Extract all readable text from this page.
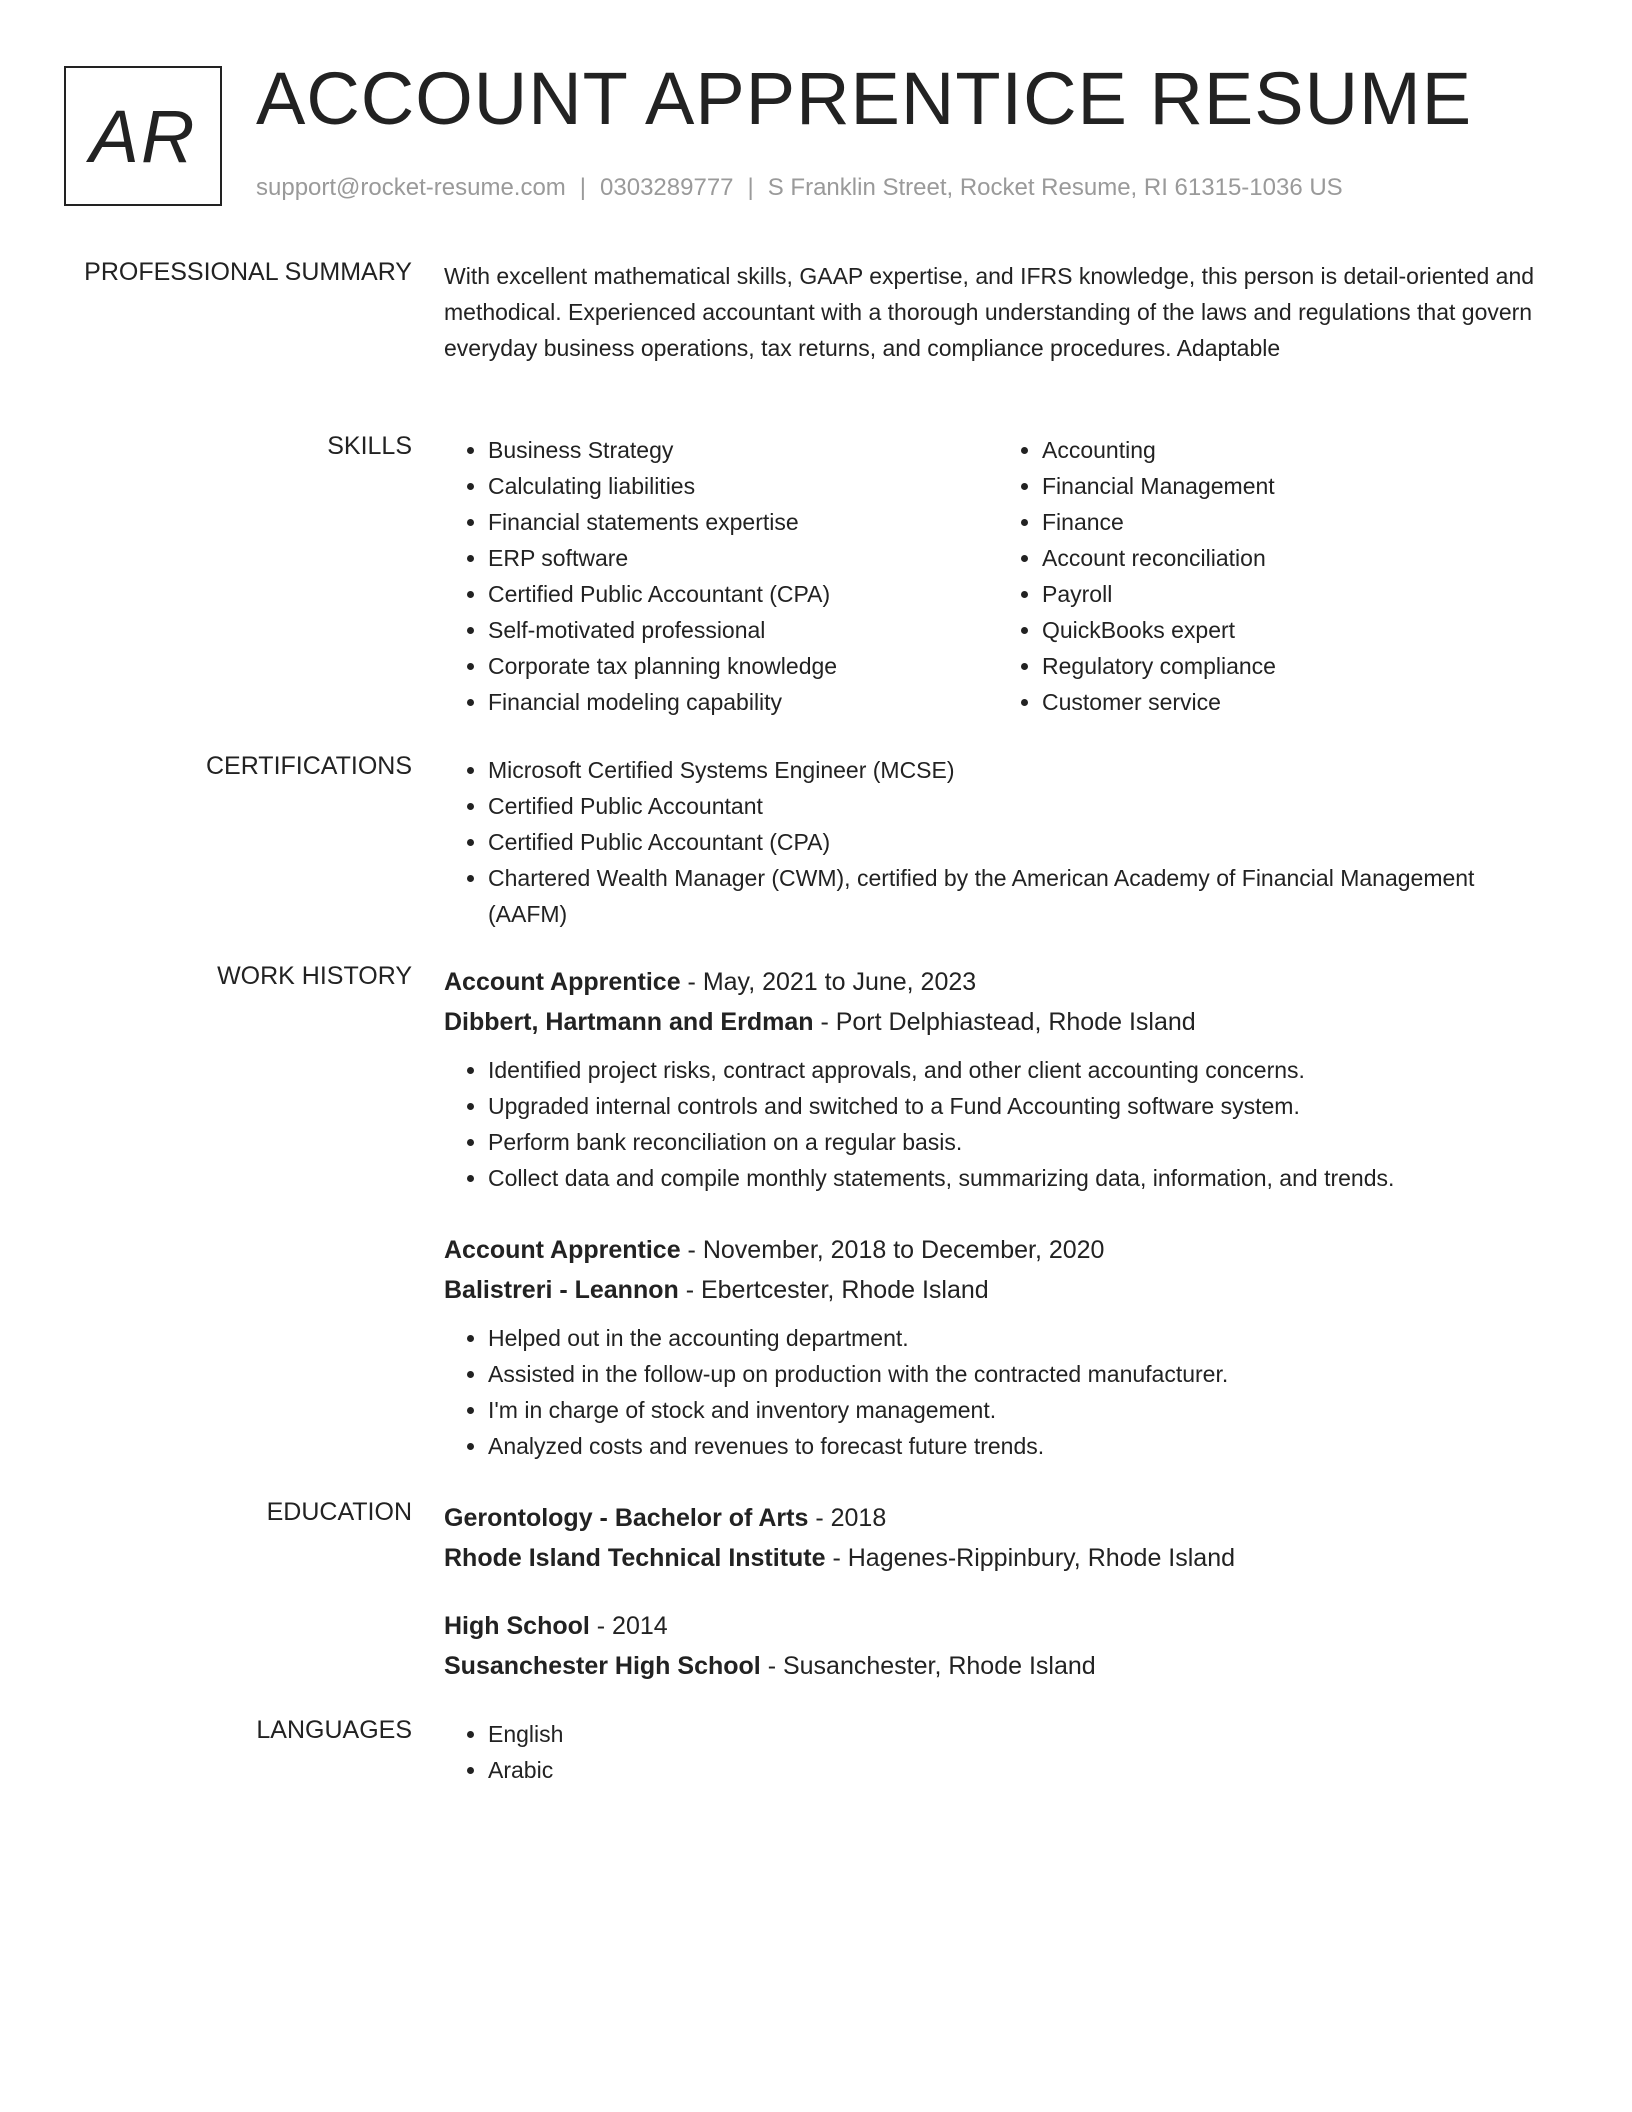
AR ACCOUNT APPRENTICE RESUME
support@rocket-resume.com | 0303289777 | S Franklin Street, Rocket Resume, RI 61315-1036 US
PROFESSIONAL SUMMARY With excellent mathematical skills, GAAP expertise, and IFRS knowledge, this person is detail-oriented and methodical. Experienced accountant with a thorough understanding of the laws and regulations that govern everyday business operations, tax returns, and compliance procedures. Adaptable

SKILLS	• Business Strategy
• Calculating liabilities
• Financial statements expertise
• ERP software
• Certified Public Accountant (CPA)
• Self-motivated professional
• Corporate tax planning knowledge
• Financial modeling capability
• Accounting
• Financial Management
• Finance
• Account reconciliation
• Payroll
• QuickBooks expert
• Regulatory compliance
• Customer service
CERTIFICATIONS	• Microsoft Certified Systems Engineer (MCSE)
• Certified Public Accountant
• Certified Public Accountant (CPA)
• Chartered Wealth Manager (CWM), certified by the American Academy of Financial Management (AAFM)
WORK HISTORY Account Apprentice - May, 2021 to June, 2023
Dibbert, Hartmann and Erdman - Port Delphiastead, Rhode Island
• Identified project risks, contract approvals, and other client accounting concerns.
• Upgraded internal controls and switched to a Fund Accounting software system.
• Perform bank reconciliation on a regular basis.
• Collect data and compile monthly statements, summarizing data, information, and trends.
Account Apprentice - November, 2018 to December, 2020
Balistreri - Leannon - Ebertcester, Rhode Island
• Helped out in the accounting department.
• Assisted in the follow-up on production with the contracted manufacturer.
• I'm in charge of stock and inventory management.
• Analyzed costs and revenues to forecast future trends.
EDUCATION Gerontology - Bachelor of Arts - 2018
Rhode Island Technical Institute - Hagenes-Rippinbury, Rhode Island
High School - 2014
Susanchester High School - Susanchester, Rhode Island
LANGUAGES	• English
• Arabic
